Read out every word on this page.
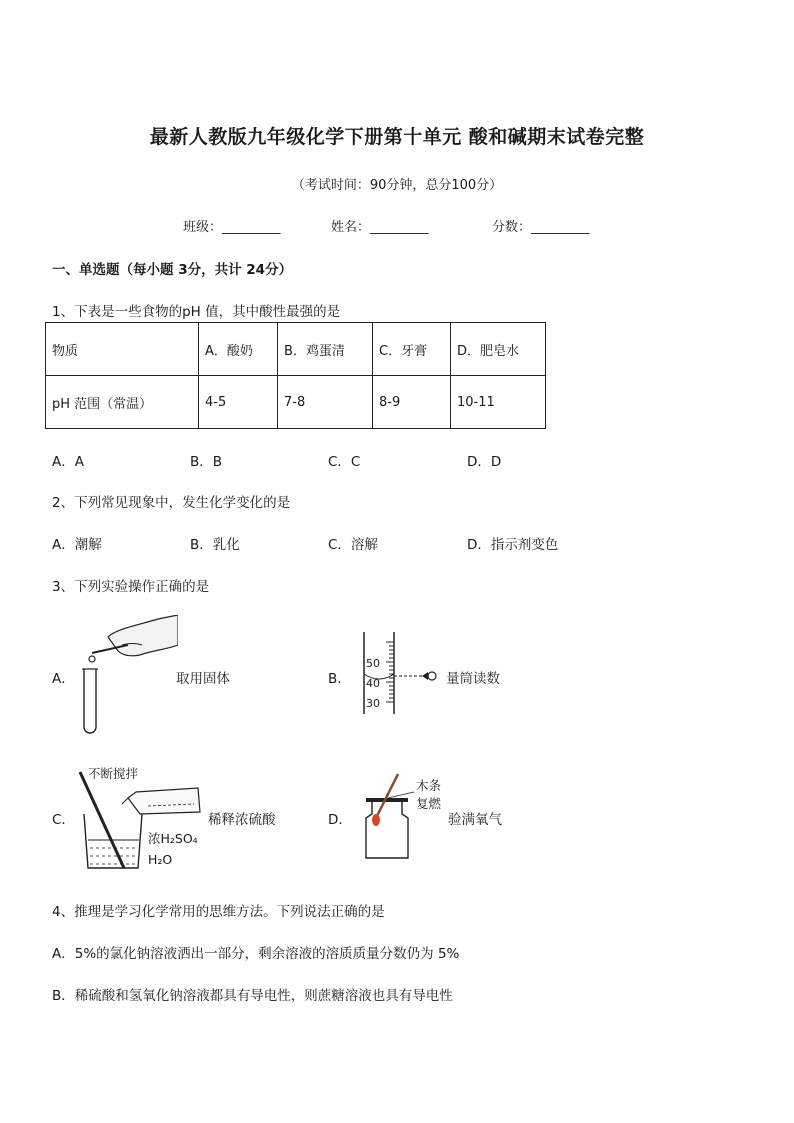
最新人教版九年级化学下册第十单元 酸和碱期末试卷完整
（考试时间：90分钟，总分100分）
班级：_________	姓名：_________	分数：_________
一、单选题（每小题 3分，共计 24分）
1、下表是一些食物的pH 值，其中酸性最强的是
物质	A．酸奶	B．鸡蛋清	C．牙膏	D．肥皂水
pH 范围（常温）	4-5	7-8	8-9	10-11
A．A	B．B	C．C	D．D
2、下列常见现象中，发生化学变化的是
A．潮解	B．乳化	C．溶解	D．指示剂变色
3、下列实验操作正确的是
A．	取用固体	B．
50
40
30
量筒读数
C．
不断搅拌
浓H₂SO₄
H₂O
稀释浓硫酸	D．
木条
复燃
验满氧气
4、推理是学习化学常用的思维方法。下列说法正确的是
A．5%的氯化钠溶液洒出一部分，剩余溶液的溶质质量分数仍为 5%
B．稀硫酸和氢氧化钠溶液都具有导电性，则蔗糖溶液也具有导电性
